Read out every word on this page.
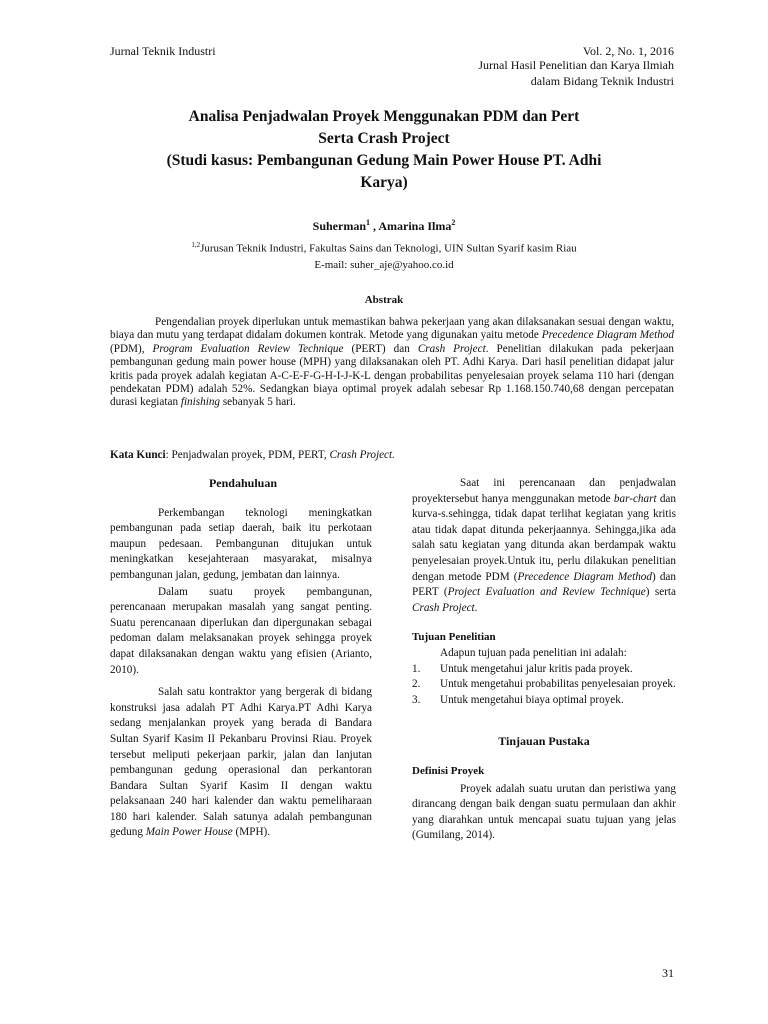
Jurnal Teknik Industri	Vol. 2, No. 1, 2016
Jurnal Hasil Penelitian dan Karya Ilmiah
dalam Bidang Teknik Industri
Analisa Penjadwalan Proyek Menggunakan PDM dan Pert
Serta Crash Project
(Studi kasus: Pembangunan Gedung Main Power House PT. Adhi
Karya)
Suherman$^1$ , Amarina Ilma$^2$
$^{1,2}$Jurusan Teknik Industri, Fakultas Sains dan Teknologi, UIN Sultan Syarif kasim Riau
E-mail: suher_aje@yahoo.co.id
Abstrak
Pengendalian proyek diperlukan untuk memastikan bahwa pekerjaan yang akan dilaksanakan sesuai dengan waktu, biaya dan mutu yang terdapat didalam dokumen kontrak. Metode yang digunakan yaitu metode Precedence Diagram Method (PDM), Program Evaluation Review Technique (PERT) dan Crash Project. Penelitian dilakukan pada pekerjaan pembangunan gedung main power house (MPH) yang dilaksanakan oleh PT. Adhi Karya. Dari hasil penelitian didapat jalur kritis pada proyek adalah kegiatan A-C-E-F-G-H-I-J-K-L dengan probabilitas penyelesaian proyek selama 110 hari (dengan pendekatan PDM) adalah 52%. Sedangkan biaya optimal proyek adalah sebesar Rp 1.168.150.740,68 dengan percepatan durasi kegiatan finishing sebanyak 5 hari.
Kata Kunci: Penjadwalan proyek, PDM, PERT, Crash Project.
Pendahuluan

Perkembangan teknologi meningkatkan pembangunan pada setiap daerah, baik itu perkotaan maupun pedesaan. Pembangunan ditujukan untuk meningkatkan kesejahteraan masyarakat, misalnya pembangunan jalan, gedung, jembatan dan lainnya.

Dalam suatu proyek pembangunan, perencanaan merupakan masalah yang sangat penting. Suatu perencanaan diperlukan dan dipergunakan sebagai pedoman dalam melaksanakan proyek sehingga proyek dapat dilaksanakan dengan waktu yang efisien (Arianto, 2010).

Salah satu kontraktor yang bergerak di bidang konstruksi jasa adalah PT Adhi Karya.PT Adhi Karya sedang menjalankan proyek yang berada di Bandara Sultan Syarif Kasim II Pekanbaru Provinsi Riau. Proyek tersebut meliputi pekerjaan parkir, jalan dan lanjutan pembangunan gedung operasional dan perkantoran Bandara Sultan Syarif Kasim II dengan waktu pelaksanaan 240 hari kalender dan waktu pemeliharaan 180 hari kalender. Salah satunya adalah pembangunan gedung Main Power House (MPH).

Saat ini perencanaan dan penjadwalan proyektersebut hanya menggunakan metode bar-chart dan kurva-s.sehingga, tidak dapat terlihat kegiatan yang kritis atau tidak dapat ditunda pekerjaannya. Sehingga,jika ada salah satu kegiatan yang ditunda akan berdampak waktu penyelesaian proyek.Untuk itu, perlu dilakukan penelitian dengan metode PDM (Precedence Diagram Method) dan PERT (Project Evaluation and Review Technique) serta Crash Project.

Tujuan Penelitian
Adapun tujuan pada penelitian ini adalah:
1.	Untuk mengetahui jalur kritis pada proyek.
2.	Untuk mengetahui probabilitas penyelesaian proyek.
3.	Untuk mengetahui biaya optimal proyek.
Tinjauan Pustaka
Definisi Proyek

Proyek adalah suatu urutan dan peristiwa yang dirancang dengan baik dengan suatu permulaan dan akhir yang diarahkan untuk mencapai suatu tujuan yang jelas (Gumilang, 2014).

31
